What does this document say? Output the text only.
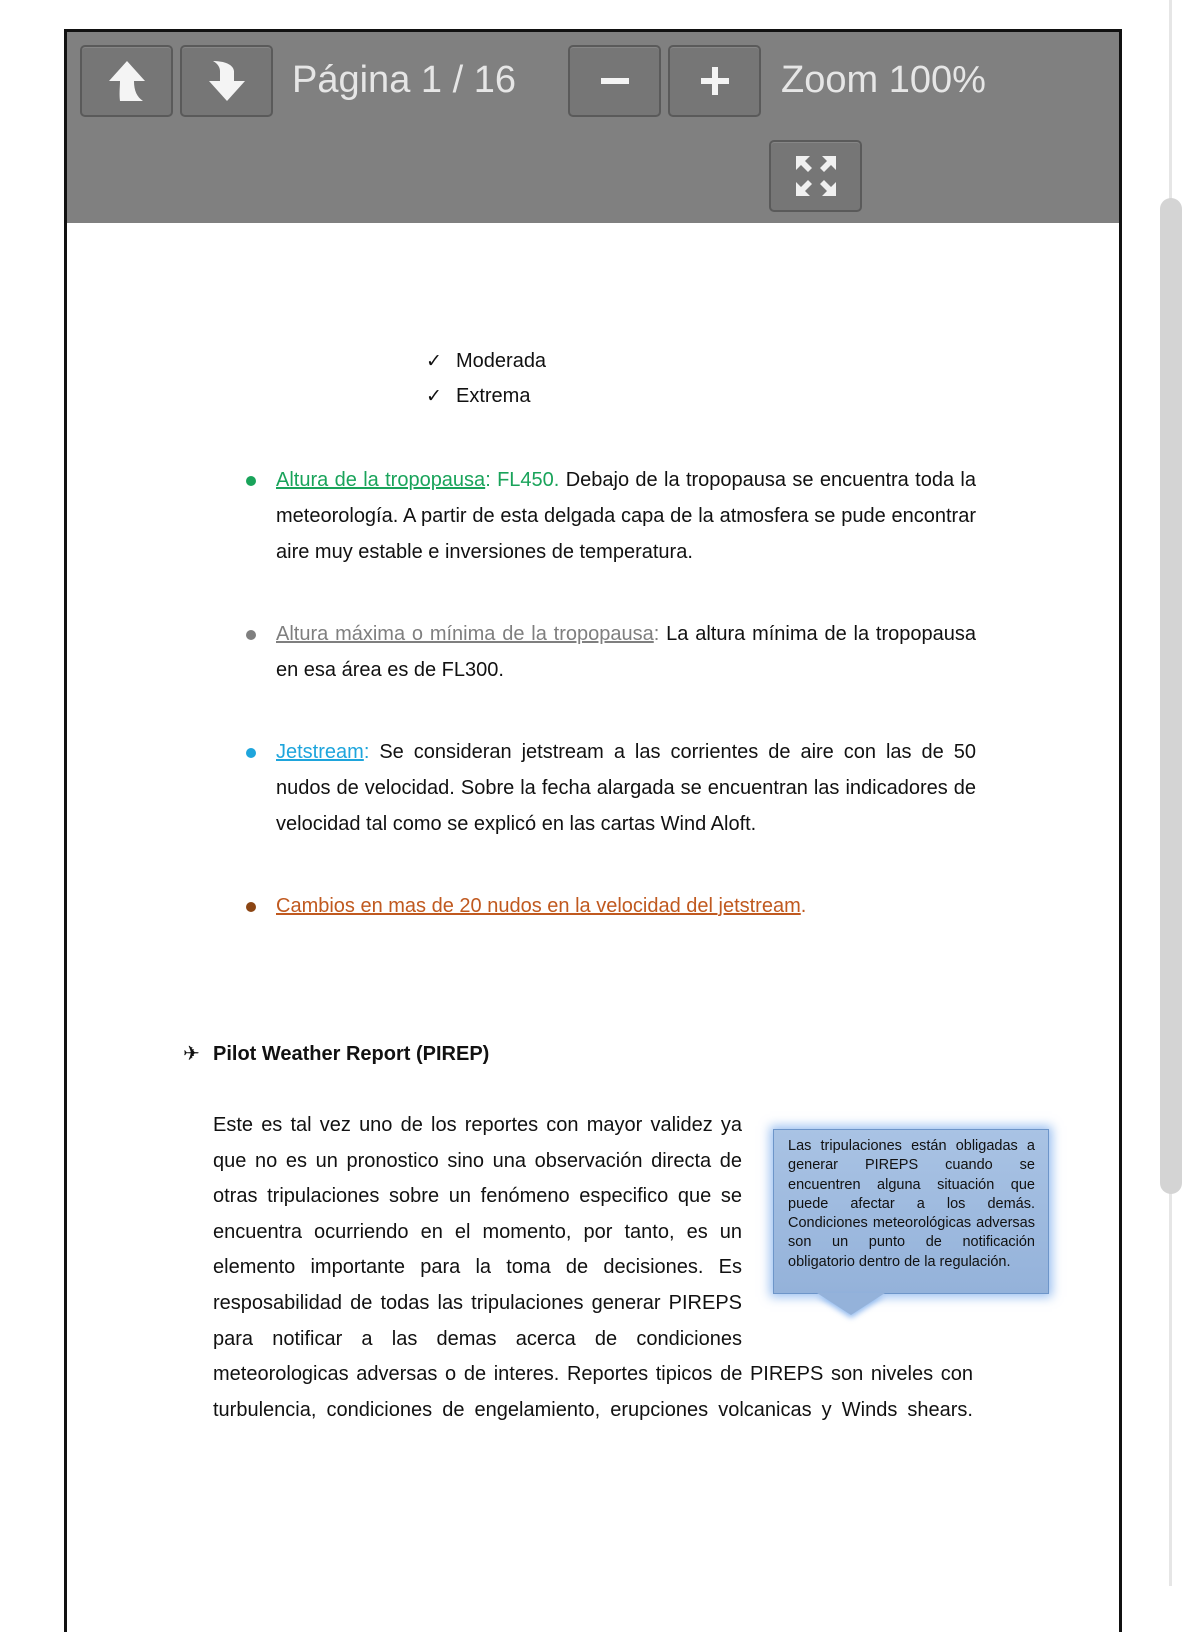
Página 1 / 16	Zoom 100%
✓ Moderada
✓ Extrema
Altura de la tropopausa: FL450. Debajo de la tropopausa se encuentra toda la meteorología. A partir de esta delgada capa de la atmosfera se pude encontrar aire muy estable e inversiones de temperatura.
Altura máxima o mínima de la tropopausa: La altura mínima de la tropopausa en esa área es de FL300.
Jetstream: Se consideran jetstream a las corrientes de aire con las de 50 nudos de velocidad. Sobre la fecha alargada se encuentran las indicadores de velocidad tal como se explicó en las cartas Wind Aloft.
Cambios en mas de 20 nudos en la velocidad del jetstream.
✈ Pilot Weather Report (PIREP)
Este es tal vez uno de los reportes con mayor validez ya
que no es un pronostico sino una observación directa de
otras tripulaciones sobre un fenómeno especifico que se
encuentra ocurriendo en el momento, por tanto, es un
elemento importante para la toma de decisiones. Es
resposabilidad de todas las tripulaciones generar PIREPS
para notificar a las demas acerca de condiciones
meteorologicas adversas o de interes. Reportes tipicos de PIREPS son niveles con
turbulencia, condiciones de engelamiento, erupciones volcanicas y Winds shears.
Las tripulaciones están obligadas a generar PIREPS cuando se encuentren alguna situación que puede afectar a los demás. Condiciones meteorológicas adversas son un punto de notificación obligatorio dentro de la regulación.
